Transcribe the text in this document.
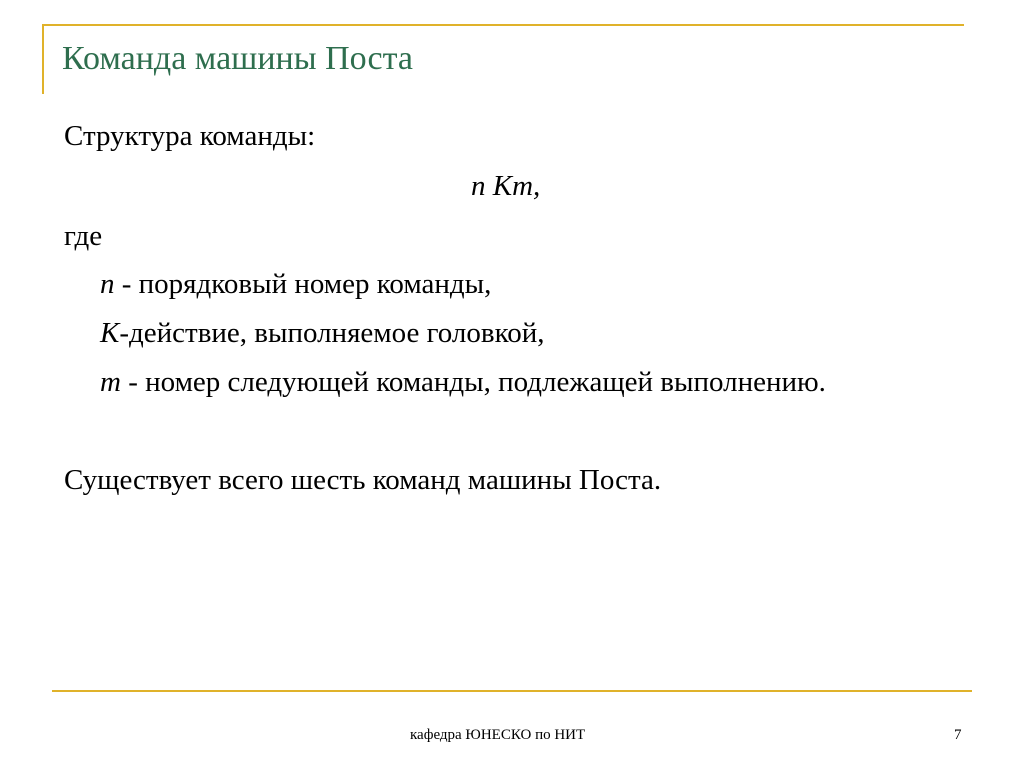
Команда машины Поста
Структура команды:
n Km,
где
n - порядковый номер команды,
K-действие, выполняемое головкой,
m - номер следующей команды, подлежащей выполнению.
Существует всего шесть команд машины Поста.
кафедра ЮНЕСКО по НИТ	7
